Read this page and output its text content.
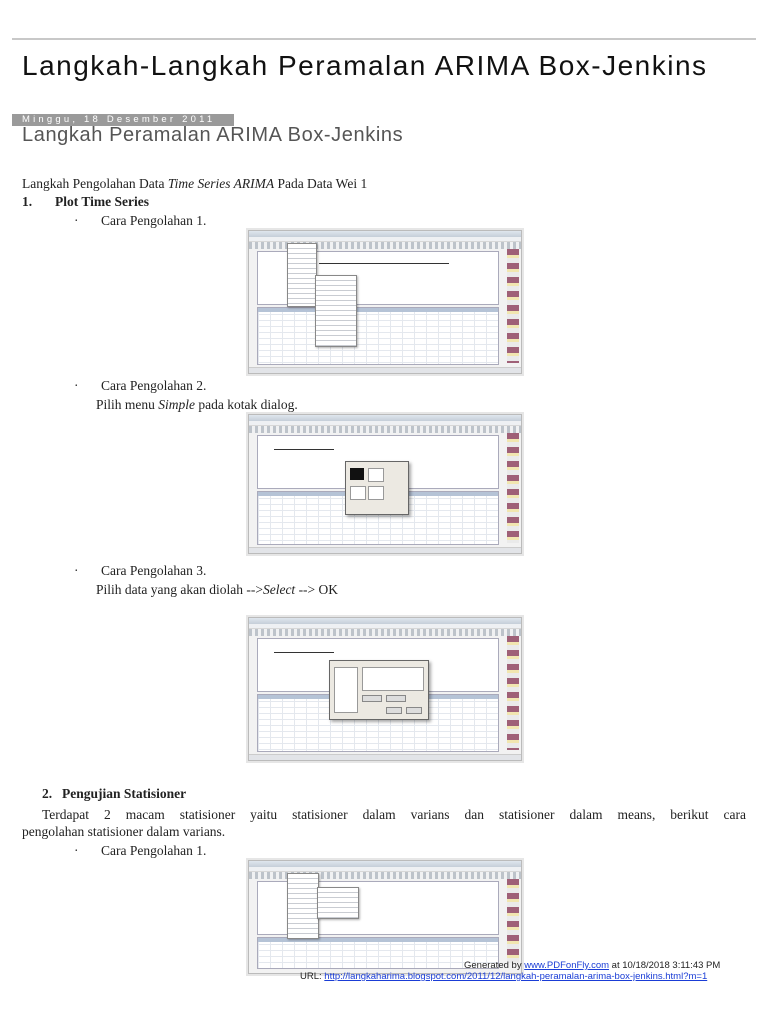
Langkah-Langkah Peramalan ARIMA Box-Jenkins
Minggu, 18 Desember 2011
Langkah Peramalan ARIMA Box-Jenkins
Langkah Pengolahan Data Time Series ARIMA Pada Data Wei 1
1. Plot Time Series
· Cara Pengolahan 1.
· Cara Pengolahan 2.
Pilih menu Simple pada kotak dialog.
· Cara Pengolahan 3.
Pilih data yang akan diolah -->Select --> OK
2. Pengujian Statisioner
Terdapat 2 macam statisioner yaitu statisioner dalam varians dan statisioner dalam means, berikut cara
pengolahan statisioner dalam varians.
· Cara Pengolahan 1.
Generated by www.PDFonFly.com at 10/18/2018 3:11:43 PM
URL: http://langkaharima.blogspot.com/2011/12/langkah-peramalan-arima-box-jenkins.html?m=1
